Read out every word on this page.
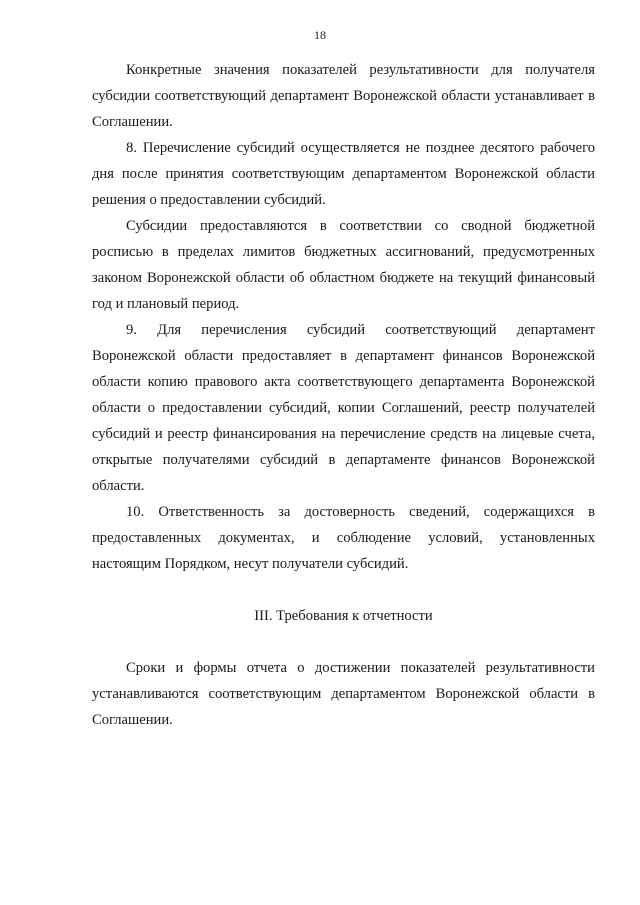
18

Конкретные значения показателей результативности для получателя субсидии соответствующий департамент Воронежской области устанавливает в Соглашении.

8. Перечисление субсидий осуществляется не позднее десятого рабочего дня после принятия соответствующим департаментом Воронежской области решения о предоставлении субсидий.

Субсидии предоставляются в соответствии со сводной бюджетной росписью в пределах лимитов бюджетных ассигнований, предусмотренных законом Воронежской области об областном бюджете на текущий финансовый год и плановый период.

9. Для перечисления субсидий соответствующий департамент Воронежской области предоставляет в департамент финансов Воронежской области копию правового акта соответствующего департамента Воронежской области о предоставлении субсидий, копии Соглашений, реестр получателей субсидий и реестр финансирования на перечисление средств на лицевые счета, открытые получателями субсидий в департаменте финансов Воронежской области.

10. Ответственность за достоверность сведений, содержащихся в предоставленных документах, и соблюдение условий, установленных настоящим Порядком, несут получатели субсидий.

III. Требования к отчетности

Сроки и формы отчета о достижении показателей результативности устанавливаются соответствующим департаментом Воронежской области в Соглашении.
